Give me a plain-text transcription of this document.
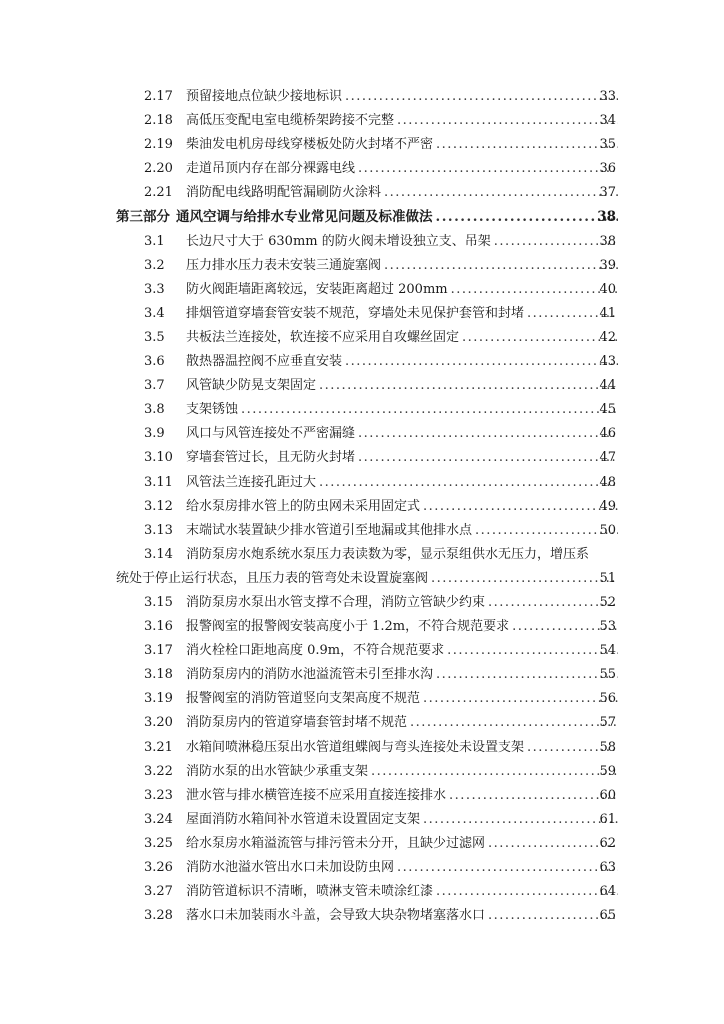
2.17	预留接地点位缺少接地标识 .....	33
2.18	高低压变配电室电缆桥架跨接不完整 .....	34
2.19	柴油发电机房母线穿楼板处防火封堵不严密 .....	35
2.20	走道吊顶内存在部分裸露电线 .....	36
2.21	消防配电线路明配管漏刷防火涂料 .....	37
第三部分 通风空调与给排水专业常见问题及标准做法 .....	38
3.1	长边尺寸大于 630mm 的防火阀未增设独立支、吊架 .....	38
3.2	压力排水压力表未安装三通旋塞阀 .....	39
3.3	防火阀距墙距离较远，安装距离超过 200mm .....	40
3.4	排烟管道穿墙套管安装不规范，穿墙处未见保护套管和封堵 .....	41
3.5	共板法兰连接处，软连接不应采用自攻螺丝固定 .....	42
3.6	散热器温控阀不应垂直安装 .....	43
3.7	风管缺少防晃支架固定 .....	44
3.8	支架锈蚀 .....	45
3.9	风口与风管连接处不严密漏缝 .....	46
3.10	穿墙套管过长，且无防火封堵 .....	47
3.11	风管法兰连接孔距过大 .....	48
3.12	给水泵房排水管上的防虫网未采用固定式 .....	49
3.13	末端试水装置缺少排水管道引至地漏或其他排水点 .....	50
3.14	消防泵房水炮系统水泵压力表读数为零，显示泵组供水无压力，增压系
统处于停止运行状态，且压力表的管弯处未设置旋塞阀 .....	51
3.15	消防泵房水泵出水管支撑不合理，消防立管缺少约束 .....	52
3.16	报警阀室的报警阀安装高度小于 1.2m，不符合规范要求 .....	53
3.17	消火栓栓口距地高度 0.9m，不符合规范要求 .....	54
3.18	消防泵房内的消防水池溢流管未引至排水沟 .....	55
3.19	报警阀室的消防管道竖向支架高度不规范 .....	56
3.20	消防泵房内的管道穿墙套管封堵不规范 .....	57
3.21	水箱间喷淋稳压泵出水管道组蝶阀与弯头连接处未设置支架 .....	58
3.22	消防水泵的出水管缺少承重支架 .....	59
3.23	泄水管与排水横管连接不应采用直接连接排水 .....	60
3.24	屋面消防水箱间补水管道未设置固定支架 .....	61
3.25	给水泵房水箱溢流管与排污管未分开，且缺少过滤网 .....	62
3.26	消防水池溢水管出水口未加设防虫网 .....	63
3.27	消防管道标识不清晰，喷淋支管未喷涂红漆 .....	64
3.28	落水口未加装雨水斗盖，会导致大块杂物堵塞落水口 .....	65
